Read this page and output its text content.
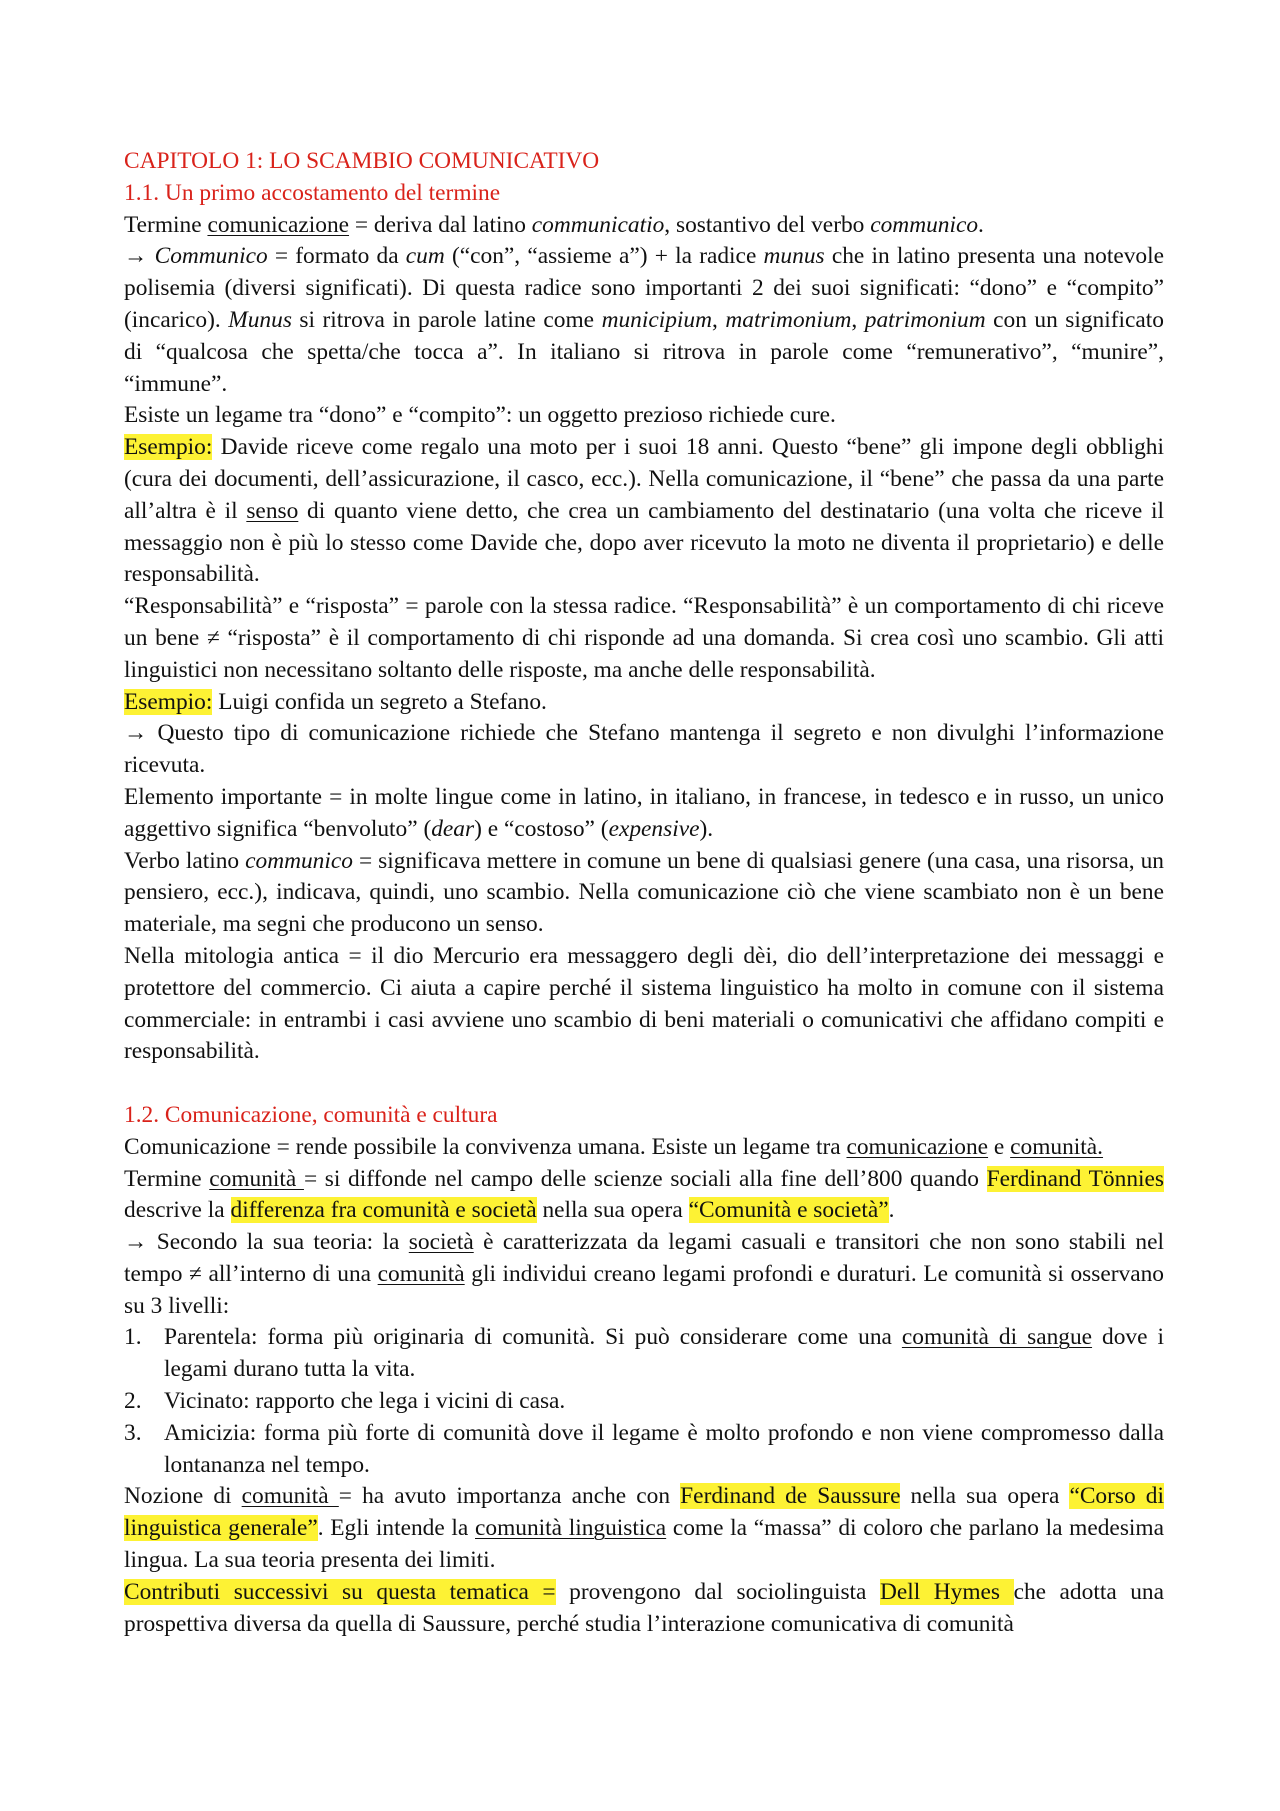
CAPITOLO 1: LO SCAMBIO COMUNICATIVO

1.1. Un primo accostamento del termine

Termine comunicazione = deriva dal latino communicatio, sostantivo del verbo communico.

→ Communico = formato da cum (“con”, “assieme a”) + la radice munus che in latino presenta una notevole polisemia (diversi significati). Di questa radice sono importanti 2 dei suoi significati: “dono” e “compito” (incarico). Munus si ritrova in parole latine come municipium, matrimonium, patrimonium con un significato di “qualcosa che spetta/che tocca a”. In italiano si ritrova in parole come “remunerativo”, “munire”, “immune”.

Esiste un legame tra “dono” e “compito”: un oggetto prezioso richiede cure.

Esempio: Davide riceve come regalo una moto per i suoi 18 anni. Questo “bene” gli impone degli obblighi (cura dei documenti, dell’assicurazione, il casco, ecc.). Nella comunicazione, il “bene” che passa da una parte all’altra è il senso di quanto viene detto, che crea un cambiamento del destinatario (una volta che riceve il messaggio non è più lo stesso come Davide che, dopo aver ricevuto la moto ne diventa il proprietario) e delle responsabilità.

“Responsabilità” e “risposta” = parole con la stessa radice. “Responsabilità” è un comportamento di chi riceve un bene ≠ “risposta” è il comportamento di chi risponde ad una domanda. Si crea così uno scambio. Gli atti linguistici non necessitano soltanto delle risposte, ma anche delle responsabilità.

Esempio: Luigi confida un segreto a Stefano.

→ Questo tipo di comunicazione richiede che Stefano mantenga il segreto e non divulghi l’informazione ricevuta.

Elemento importante = in molte lingue come in latino, in italiano, in francese, in tedesco e in russo, un unico aggettivo significa “benvoluto” (dear) e “costoso” (expensive).

Verbo latino communico = significava mettere in comune un bene di qualsiasi genere (una casa, una risorsa, un pensiero, ecc.), indicava, quindi, uno scambio. Nella comunicazione ciò che viene scambiato non è un bene materiale, ma segni che producono un senso.

Nella mitologia antica = il dio Mercurio era messaggero degli dèi, dio dell’interpretazione dei messaggi e protettore del commercio. Ci aiuta a capire perché il sistema linguistico ha molto in comune con il sistema commerciale: in entrambi i casi avviene uno scambio di beni materiali o comunicativi che affidano compiti e responsabilità.

1.2. Comunicazione, comunità e cultura

Comunicazione = rende possibile la convivenza umana. Esiste un legame tra comunicazione e comunità.

Termine comunità = si diffonde nel campo delle scienze sociali alla fine dell’800 quando Ferdinand Tönnies descrive la differenza fra comunità e società nella sua opera “Comunità e società”.

→ Secondo la sua teoria: la società è caratterizzata da legami casuali e transitori che non sono stabili nel tempo ≠ all’interno di una comunità gli individui creano legami profondi e duraturi. Le comunità si osservano su 3 livelli:

1. Parentela: forma più originaria di comunità. Si può considerare come una comunità di sangue dove i legami durano tutta la vita.
2. Vicinato: rapporto che lega i vicini di casa.
3. Amicizia: forma più forte di comunità dove il legame è molto profondo e non viene compromesso dalla lontananza nel tempo.

Nozione di comunità = ha avuto importanza anche con Ferdinand de Saussure nella sua opera “Corso di linguistica generale”. Egli intende la comunità linguistica come la “massa” di coloro che parlano la medesima lingua. La sua teoria presenta dei limiti.

Contributi successivi su questa tematica = provengono dal sociolinguista Dell Hymes che adotta una prospettiva diversa da quella di Saussure, perché studia l’interazione comunicativa di comunità
